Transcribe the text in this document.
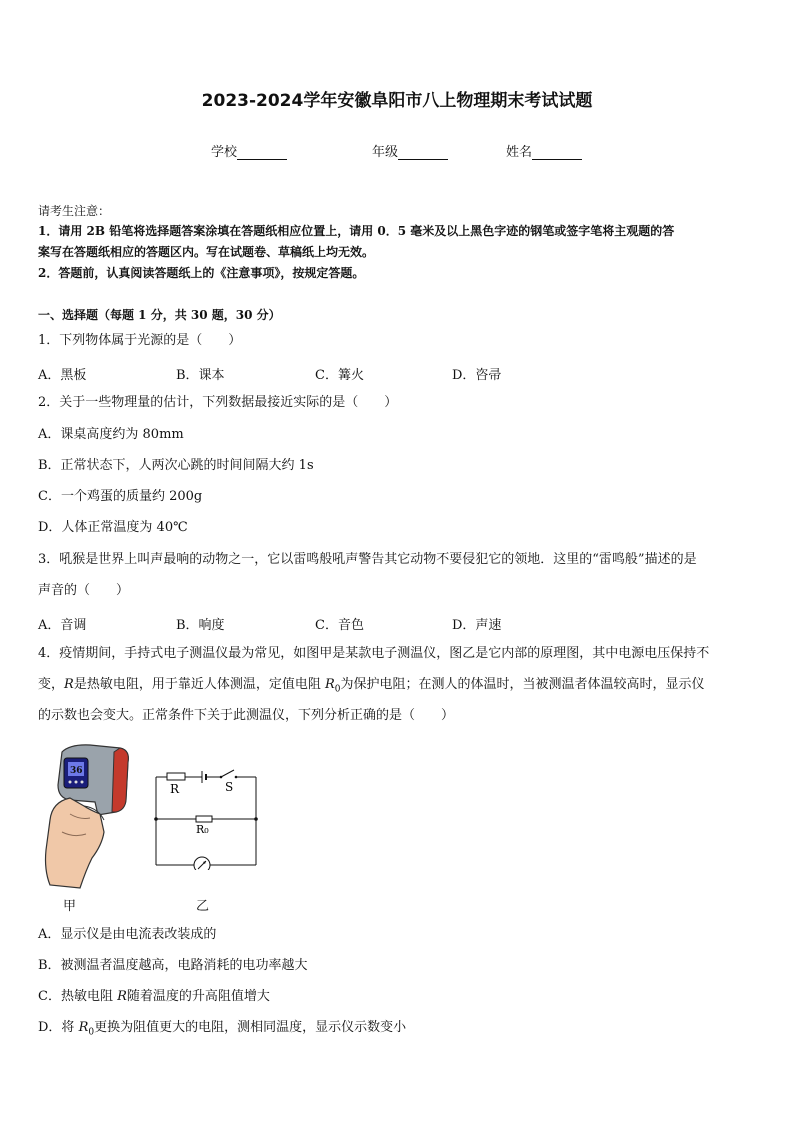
2023-2024学年安徽阜阳市八上物理期末考试试题
学校	年级	姓名
请考生注意：
1．请用 2B 铅笔将选择题答案涂填在答题纸相应位置上，请用 0．5 毫米及以上黑色字迹的钢笔或签字笔将主观题的答
案写在答题纸相应的答题区内。写在试题卷、草稿纸上均无效。
2．答题前，认真阅读答题纸上的《注意事项》，按规定答题。
一、选择题（每题 1 分，共 30 题，30 分）
1．下列物体属于光源的是（　　）
A．黑板	B．课本	C．篝火	D．咨帚
2．关于一些物理量的估计，下列数据最接近实际的是（　　）
A．课桌高度约为 80mm
B．正常状态下，人两次心跳的时间间隔大约 1s
C．一个鸡蛋的质量约 200g
D．人体正常温度为 40℃
3．吼猴是世界上叫声最响的动物之一，它以雷鸣般吼声警告其它动物不要侵犯它的领地．这里的“雷鸣般”描述的是
声音的（　　）
A．音调	B．响度	C．音色	D．声速
4．疫情期间，手持式电子测温仪最为常见，如图甲是某款电子测温仪，图乙是它内部的原理图，其中电源电压保持不
变，R是热敏电阻，用于靠近人体测温，定值电阻 $R_0$为保护电阻；在测人的体温时，当被测温者体温较高时，显示仪
的示数也会变大。正常条件下关于此测温仪，下列分析正确的是（　　）
36
甲
R	S
R₀
乙
A．显示仪是由电流表改装成的
B．被测温者温度越高，电路消耗的电功率越大
C．热敏电阻 R随着温度的升高阻值增大
D．将 $R_0$更换为阻值更大的电阻，测相同温度，显示仪示数变小
